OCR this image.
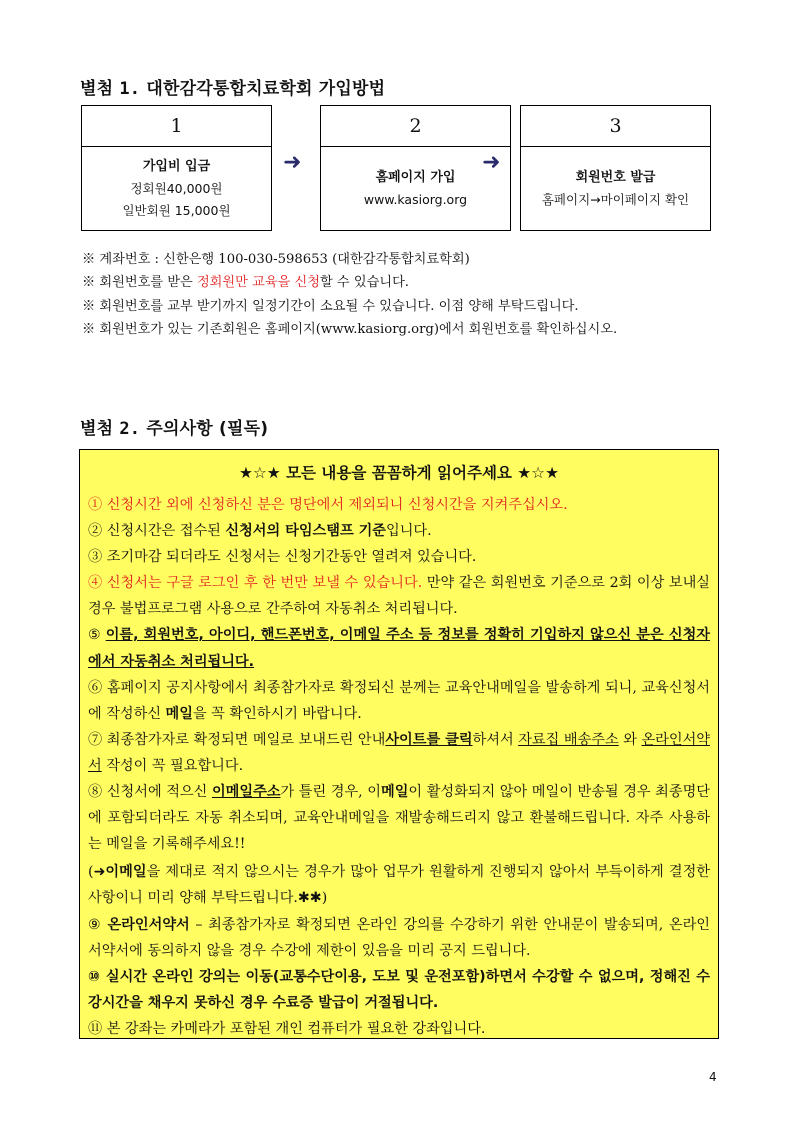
별첨 1. 대한감각통합치료학회 가입방법
1
가입비 입금
정회원40,000원
일반회원 15,000원
➜
2
홈페이지 가입
www.kasiorg.org
➜
3
회원번호 발급
홈페이지→마이페이지 확인
※ 계좌번호 : 신한은행 100-030-598653 (대한감각통합치료학회)
※ 회원번호를 받은 정회원만 교육을 신청할 수 있습니다.
※ 회원번호를 교부 받기까지 일정기간이 소요될 수 있습니다. 이점 양해 부탁드립니다.
※ 회원번호가 있는 기존회원은 홈페이지(www.kasiorg.org)에서 회원번호를 확인하십시오.
별첨 2. 주의사항 (필독)
★☆★ 모든 내용을 꼼꼼하게 읽어주세요 ★☆★
① 신청시간 외에 신청하신 분은 명단에서 제외되니 신청시간을 지켜주십시오.
② 신청시간은 접수된 신청서의 타임스탬프 기준입니다.
③ 조기마감 되더라도 신청서는 신청기간동안 열려져 있습니다.
④ 신청서는 구글 로그인 후 한 번만 보낼 수 있습니다. 만약 같은 회원번호 기준으로 2회 이상 보내실 경우 불법프로그램 사용으로 간주하여 자동취소 처리됩니다.
⑤ 이름, 회원번호, 아이디, 핸드폰번호, 이메일 주소 등 정보를 정확히 기입하지 않으신 분은 신청자에서 자동취소 처리됩니다.
⑥ 홈페이지 공지사항에서 최종참가자로 확정되신 분께는 교육안내메일을 발송하게 되니, 교육신청서에 작성하신 메일을 꼭 확인하시기 바랍니다.
⑦ 최종참가자로 확정되면 메일로 보내드린 안내사이트를 클릭하셔서 자료집 배송주소 와 온라인서약서 작성이 꼭 필요합니다.
⑧ 신청서에 적으신 이메일주소가 틀린 경우, 이메일이 활성화되지 않아 메일이 반송될 경우 최종명단에 포함되더라도 자동 취소되며, 교육안내메일을 재발송해드리지 않고 환불해드립니다. 자주 사용하는 메일을 기록해주세요!!
(➜이메일을 제대로 적지 않으시는 경우가 많아 업무가 원활하게 진행되지 않아서 부득이하게 결정한 사항이니 미리 양해 부탁드립니다.✱✱)
⑨ 온라인서약서 – 최종참가자로 확정되면 온라인 강의를 수강하기 위한 안내문이 발송되며, 온라인 서약서에 동의하지 않을 경우 수강에 제한이 있음을 미리 공지 드립니다.
⑩ 실시간 온라인 강의는 이동(교통수단이용, 도보 및 운전포함)하면서 수강할 수 없으며, 정해진 수강시간을 채우지 못하신 경우 수료증 발급이 거절됩니다.
⑪ 본 강좌는 카메라가 포함된 개인 컴퓨터가 필요한 강좌입니다.
4
